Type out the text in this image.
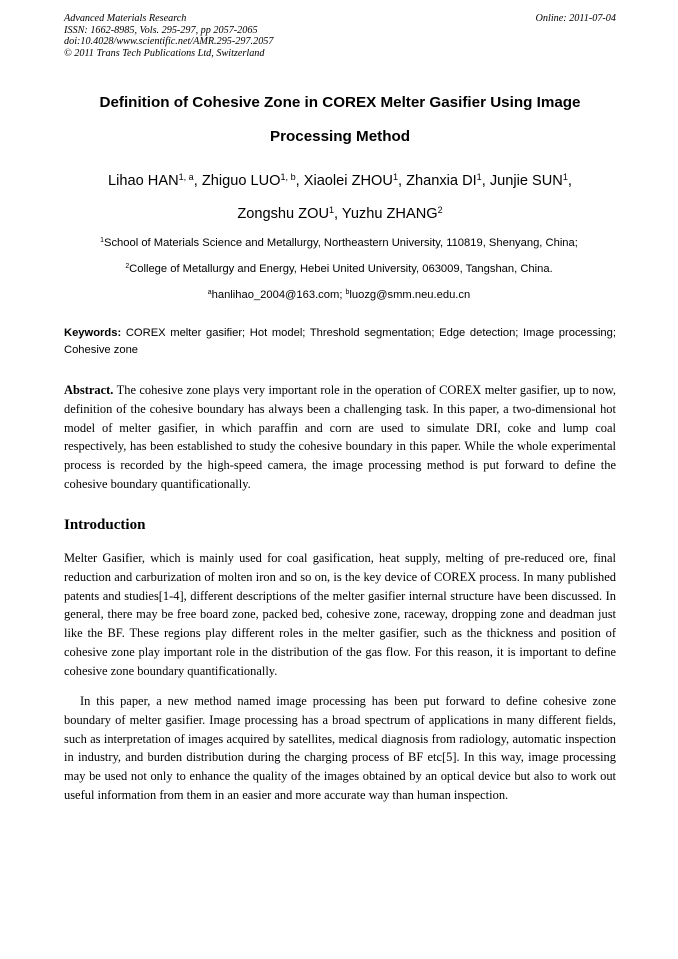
Advanced Materials Research
ISSN: 1662-8985, Vols. 295-297, pp 2057-2065
doi:10.4028/www.scientific.net/AMR.295-297.2057
© 2011 Trans Tech Publications Ltd, Switzerland
Online: 2011-07-04
Definition of Cohesive Zone in COREX Melter Gasifier Using Image
Processing Method
Lihao HAN$^{1, a}$, Zhiguo LUO$^{1, b}$, Xiaolei ZHOU$^1$, Zhanxia $DI^1$, Junjie SUN$^1$,
Zongshu ZOU$^1$, Yuzhu ZHANG$^2$
$^1$School of Materials Science and Metallurgy, Northeastern University, 110819, Shenyang, China;
$^2$College of Metallurgy and Energy, Hebei United University, 063009, Tangshan, China.
$^a$hanlihao_2004@163.com; $^b$luozg@smm.neu.edu.cn
Keywords: COREX melter gasifier; Hot model; Threshold segmentation; Edge detection; Image processing; Cohesive zone
Abstract. The cohesive zone plays very important role in the operation of COREX melter gasifier, up to now, definition of the cohesive boundary has always been a challenging task. In this paper, a two-dimensional hot model of melter gasifier, in which paraffin and corn are used to simulate DRI, coke and lump coal respectively, has been established to study the cohesive boundary in this paper. While the whole experimental process is recorded by the high-speed camera, the image processing method is put forward to define the cohesive boundary quantificationally.
Introduction
Melter Gasifier, which is mainly used for coal gasification, heat supply, melting of pre-reduced ore, final reduction and carburization of molten iron and so on, is the key device of COREX process. In many published patents and studies[1-4], different descriptions of the melter gasifier internal structure have been discussed. In general, there may be free board zone, packed bed, cohesive zone, raceway, dropping zone and deadman just like the BF. These regions play different roles in the melter gasifier, such as the thickness and position of cohesive zone play important role in the distribution of the gas flow. For this reason, it is important to define cohesive zone boundary quantificationally.
In this paper, a new method named image processing has been put forward to define cohesive zone boundary of melter gasifier. Image processing has a broad spectrum of applications in many different fields, such as interpretation of images acquired by satellites, medical diagnosis from radiology, automatic inspection in industry, and burden distribution during the charging process of BF etc[5]. In this way, image processing may be used not only to enhance the quality of the images obtained by an optical device but also to work out useful information from them in an easier and more accurate way than human inspection.
